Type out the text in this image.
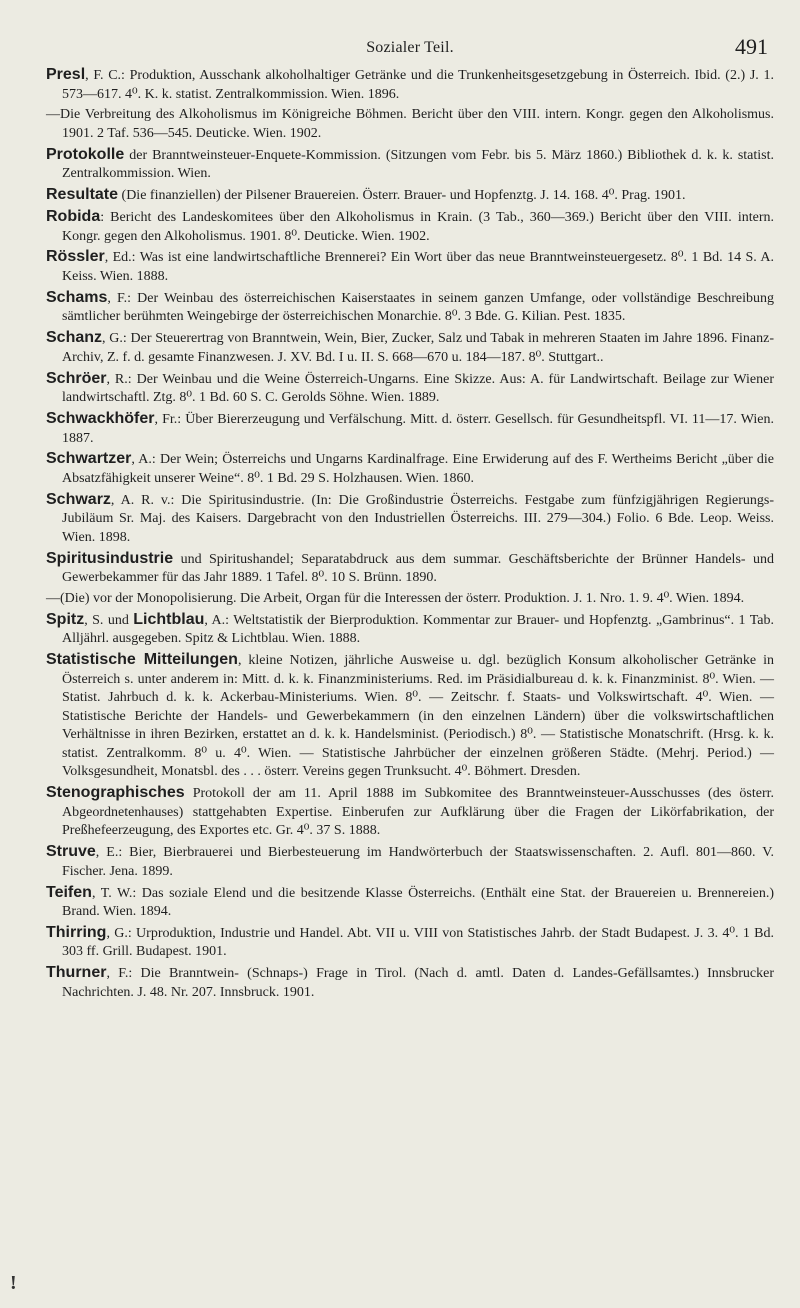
Sozialer Teil.	491

Presl, F. C.: Produktion, Ausschank alkoholhaltiger Getränke und die Trunkenheitsgesetzgebung in Österreich. Ibid. (2.) J. 1. 573—617. 4⁰. K. k. statist. Zentralkommission. Wien. 1896.

—Die Verbreitung des Alkoholismus im Königreiche Böhmen. Bericht über den VIII. intern. Kongr. gegen den Alkoholismus. 1901. 2 Taf. 536—545. Deuticke. Wien. 1902.

Protokolle der Branntweinsteuer-Enquete-Kommission. (Sitzungen vom Febr. bis 5. März 1860.) Bibliothek d. k. k. statist. Zentralkommission. Wien.

Resultate (Die finanziellen) der Pilsener Brauereien. Österr. Brauer- und Hopfenztg. J. 14. 168. 4⁰. Prag. 1901.

Robida: Bericht des Landeskomitees über den Alkoholismus in Krain. (3 Tab., 360—369.) Bericht über den VIII. intern. Kongr. gegen den Alkoholismus. 1901. 8⁰. Deuticke. Wien. 1902.

Rössler, Ed.: Was ist eine landwirtschaftliche Brennerei? Ein Wort über das neue Branntweinsteuergesetz. 8⁰. 1 Bd. 14 S. A. Keiss. Wien. 1888.

Schams, F.: Der Weinbau des österreichischen Kaiserstaates in seinem ganzen Umfange, oder vollständige Beschreibung sämtlicher berühmten Weingebirge der österreichischen Monarchie. 8⁰. 3 Bde. G. Kilian. Pest. 1835.

Schanz, G.: Der Steuerertrag von Branntwein, Wein, Bier, Zucker, Salz und Tabak in mehreren Staaten im Jahre 1896. Finanz-Archiv, Z. f. d. gesamte Finanzwesen. J. XV. Bd. I u. II. S. 668—670 u. 184—187. 8⁰. Stuttgart..

Schröer, R.: Der Weinbau und die Weine Österreich-Ungarns. Eine Skizze. Aus: A. für Landwirtschaft. Beilage zur Wiener landwirtschaftl. Ztg. 8⁰. 1 Bd. 60 S. C. Gerolds Söhne. Wien. 1889.

Schwackhöfer, Fr.: Über Biererzeugung und Verfälschung. Mitt. d. österr. Gesellsch. für Gesundheitspfl. VI. 11—17. Wien. 1887.

Schwartzer, A.: Der Wein; Österreichs und Ungarns Kardinalfrage. Eine Erwiderung auf des F. Wertheims Bericht „über die Absatzfähigkeit unserer Weine“. 8⁰. 1 Bd. 29 S. Holzhausen. Wien. 1860.

Schwarz, A. R. v.: Die Spiritusindustrie. (In: Die Großindustrie Österreichs. Festgabe zum fünfzigjährigen Regierungs-Jubiläum Sr. Maj. des Kaisers. Dargebracht von den Industriellen Österreichs. III. 279—304.) Folio. 6 Bde. Leop. Weiss. Wien. 1898.

Spiritusindustrie und Spiritushandel; Separatabdruck aus dem summar. Geschäftsberichte der Brünner Handels- und Gewerbekammer für das Jahr 1889. 1 Tafel. 8⁰. 10 S. Brünn. 1890.

—(Die) vor der Monopolisierung. Die Arbeit, Organ für die Interessen der österr. Produktion. J. 1. Nro. 1. 9. 4⁰. Wien. 1894.

Spitz, S. und Lichtblau, A.: Weltstatistik der Bierproduktion. Kommentar zur Brauer- und Hopfenztg. „Gambrinus“. 1 Tab. Alljährl. ausgegeben. Spitz & Lichtblau. Wien. 1888.

Statistische Mitteilungen, kleine Notizen, jährliche Ausweise u. dgl. bezüglich Konsum alkoholischer Getränke in Österreich s. unter anderem in: Mitt. d. k. k. Finanzministeriums. Red. im Präsidialbureau d. k. k. Finanzminist. 8⁰. Wien. — Statist. Jahrbuch d. k. k. Ackerbau-Ministeriums. Wien. 8⁰. — Zeitschr. f. Staats- und Volkswirtschaft. 4⁰. Wien. — Statistische Berichte der Handels- und Gewerbekammern (in den einzelnen Ländern) über die volkswirtschaftlichen Verhältnisse in ihren Bezirken, erstattet an d. k. k. Handelsminist. (Periodisch.) 8⁰. — Statistische Monatschrift. (Hrsg. k. k. statist. Zentralkomm. 8⁰ u. 4⁰. Wien. — Statistische Jahrbücher der einzelnen größeren Städte. (Mehrj. Period.) — Volksgesundheit, Monatsbl. des . . . österr. Vereins gegen Trunksucht. 4⁰. Böhmert. Dresden.

Stenographisches Protokoll der am 11. April 1888 im Subkomitee des Branntweinsteuer-Ausschusses (des österr. Abgeordnetenhauses) stattgehabten Expertise. Einberufen zur Aufklärung über die Fragen der Likörfabrikation, der Preßhefeerzeugung, des Exportes etc. Gr. 4⁰. 37 S. 1888.

Struve, E.: Bier, Bierbrauerei und Bierbesteuerung im Handwörterbuch der Staatswissenschaften. 2. Aufl. 801—860. V. Fischer. Jena. 1899.

Teifen, T. W.: Das soziale Elend und die besitzende Klasse Österreichs. (Enthält eine Stat. der Brauereien u. Brennereien.) Brand. Wien. 1894.

Thirring, G.: Urproduktion, Industrie und Handel. Abt. VII u. VIII von Statistisches Jahrb. der Stadt Budapest. J. 3. 4⁰. 1 Bd. 303 ff. Grill. Budapest. 1901.

Thurner, F.: Die Branntwein- (Schnaps-) Frage in Tirol. (Nach d. amtl. Daten d. Landes-Gefällsamtes.) Innsbrucker Nachrichten. J. 48. Nr. 207. Innsbruck. 1901.

!
